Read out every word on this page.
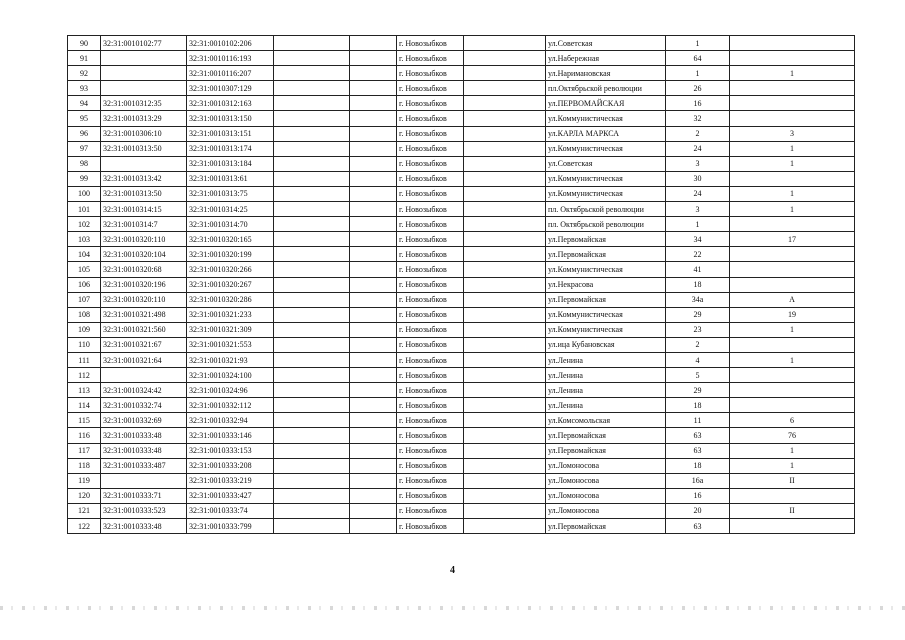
90	32:31:0010102:77	32:31:0010102:206			г. Новозыбков		ул.Советская	1	
91		32:31:0010116:193			г. Новозыбков		ул.Набережная	64	
92		32:31:0010116:207			г. Новозыбков		ул.Наримановская	1	1
93		32:31:0010307:129			г. Новозыбков		пл.Октябрьской революции	26	
94	32:31:0010312:35	32:31:0010312:163			г. Новозыбков		ул.ПЕРВОМАЙСКАЯ	16	
95	32:31:0010313:29	32:31:0010313:150			г. Новозыбков		ул.Коммунистическая	32	
96	32:31:0010306:10	32:31:0010313:151			г. Новозыбков		ул.КАРЛА МАРКСА	2	3
97	32:31:0010313:50	32:31:0010313:174			г. Новозыбков		ул.Коммунистическая	24	1
98		32:31:0010313:184			г. Новозыбков		ул.Советская	3	1
99	32:31:0010313:42	32:31:0010313:61			г. Новозыбков		ул.Коммунистическая	30	
100	32:31:0010313:50	32:31:0010313:75			г. Новозыбков		ул.Коммунистическая	24	1
101	32:31:0010314:15	32:31:0010314:25			г. Новозыбков		пл. Октябрьской революции	3	1
102	32:31:0010314:7	32:31:0010314:70			г. Новозыбков		пл. Октябрьской революции	1	
103	32:31:0010320:110	32:31:0010320:165			г. Новозыбков		ул.Первомайская	34	17
104	32:31:0010320:104	32:31:0010320:199			г. Новозыбков		ул.Первомайская	22	
105	32:31:0010320:68	32:31:0010320:266			г. Новозыбков		ул.Коммунистическая	41	
106	32:31:0010320:196	32:31:0010320:267			г. Новозыбков		ул.Некрасова	18	
107	32:31:0010320:110	32:31:0010320:286			г. Новозыбков		ул.Первомайская	34а	А
108	32:31:0010321:498	32:31:0010321:233			г. Новозыбков		ул.Коммунистическая	29	19
109	32:31:0010321:560	32:31:0010321:309			г. Новозыбков		ул.Коммунистическая	23	1
110	32:31:0010321:67	32:31:0010321:553			г. Новозыбков		ул.ица Кубановская	2	
111	32:31:0010321:64	32:31:0010321:93			г. Новозыбков		ул.Ленина	4	1
112		32:31:0010324:100			г. Новозыбков		ул.Ленина	5	
113	32:31:0010324:42	32:31:0010324:96			г. Новозыбков		ул.Ленина	29	
114	32:31:0010332:74	32:31:0010332:112			г. Новозыбков		ул.Ленина	18	
115	32:31:0010332:69	32:31:0010332:94			г. Новозыбков		ул.Комсомольская	11	6
116	32:31:0010333:48	32:31:0010333:146			г. Новозыбков		ул.Первомайская	63	76
117	32:31:0010333:48	32:31:0010333:153			г. Новозыбков		ул.Первомайская	63	1
118	32:31:0010333:487	32:31:0010333:208			г. Новозыбков		ул.Ломоносова	18	1
119		32:31:0010333:219			г. Новозыбков		ул.Ломоносова	16а	II
120	32:31:0010333:71	32:31:0010333:427			г. Новозыбков		ул.Ломоносова	16	
121	32:31:0010333:523	32:31:0010333:74			г. Новозыбков		ул.Ломоносова	20	II
122	32:31:0010333:48	32:31:0010333:799			г. Новозыбков		ул.Первомайская	63	
4
